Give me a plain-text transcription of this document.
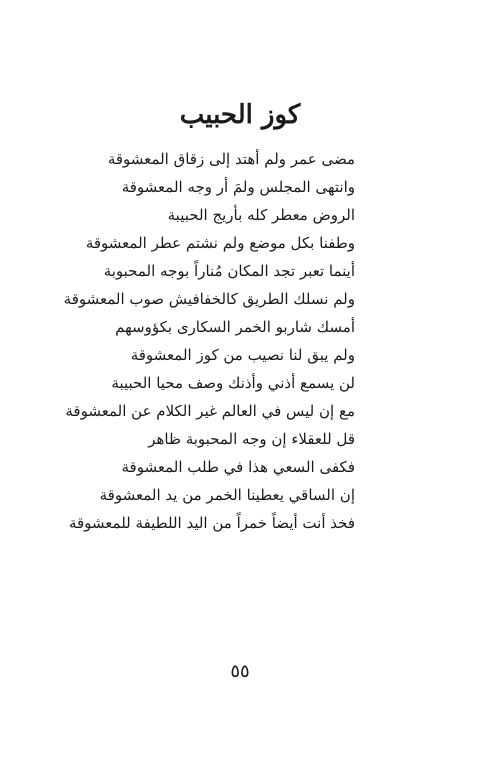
كوز الحبيب
مضى عمر ولم أهتد إلى زقاق المعشوقة
وانتهى المجلس ولمَ أر وجه المعشوقة
الروض معطر كله بأريج الحبيبة
وطفنا بكل موضع ولم نشتم عطر المعشوقة
أينما تعبر تجد المكان مُناراً بوجه المحبوبة
ولم نسلك الطريق كالخفافيش صوب المعشوقة
أمسك شاربو الخمر السكارى بكؤوسهم
ولم يبق لنا نصيب من كوز المعشوقة
لن يسمع أذني وأذنك وصف محيا الحبيبة
مع إن ليس في العالم غير الكلام عن المعشوقة
قل للعقلاء إن وجه المحبوبة ظاهر
فكفى السعي هذا في طلب المعشوقة
إن الساقي يعطينا الخمر من يد المعشوقة
فخذ أنت أيضاً خمراً من اليد اللطيفة للمعشوقة
٥٥
